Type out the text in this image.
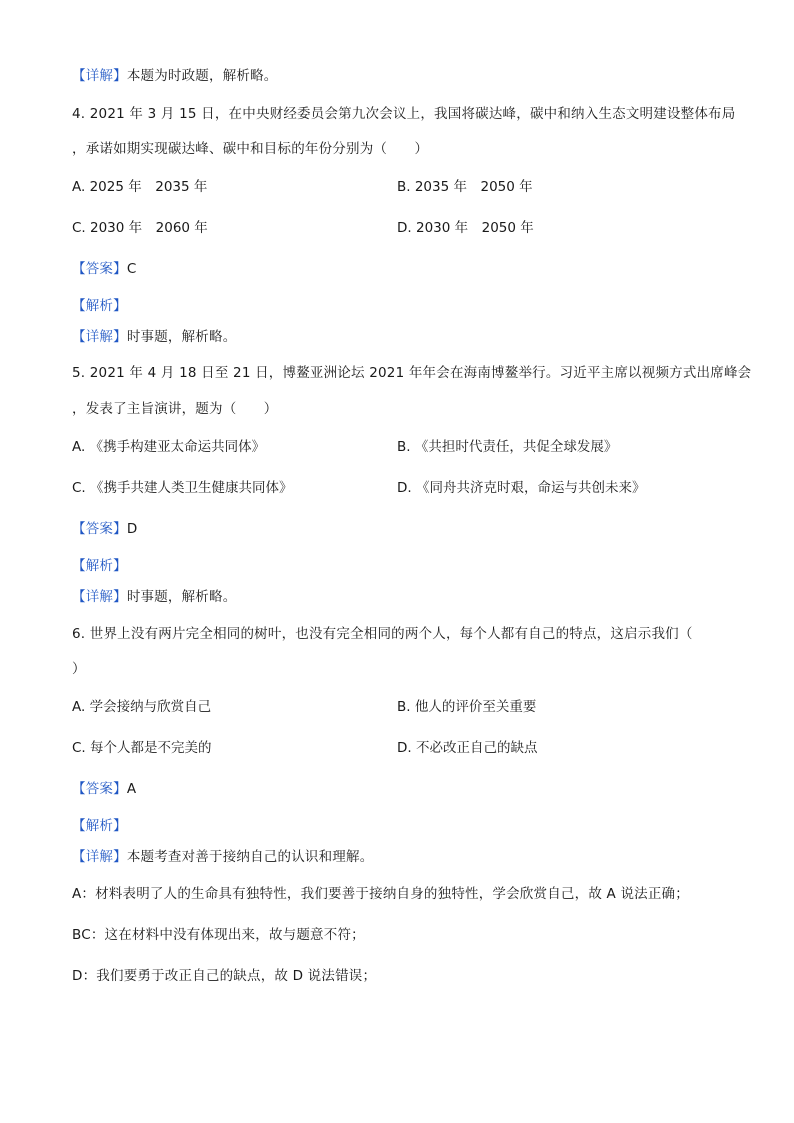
【详解】本题为时政题，解析略。
4. 2021 年 3 月 15 日，在中央财经委员会第九次会议上，我国将碳达峰，碳中和纳入生态文明建设整体布局
，承诺如期实现碳达峰、碳中和目标的年份分别为（　　）
A. 2025 年　2035 年	B. 2035 年　2050 年
C. 2030 年　2060 年	D. 2030 年　2050 年
【答案】C
【解析】
【详解】时事题，解析略。
5. 2021 年 4 月 18 日至 21 日，博鳌亚洲论坛 2021 年年会在海南博鳌举行。习近平主席以视频方式出席峰会
，发表了主旨演讲，题为（　　）
A. 《携手构建亚太命运共同体》	B. 《共担时代责任，共促全球发展》
C. 《携手共建人类卫生健康共同体》	D. 《同舟共济克时艰，命运与共创未来》
【答案】D
【解析】
【详解】时事题，解析略。
6. 世界上没有两片完全相同的树叶，也没有完全相同的两个人，每个人都有自己的特点，这启示我们（
）
A. 学会接纳与欣赏自己	B. 他人的评价至关重要
C. 每个人都是不完美的	D. 不必改正自己的缺点
【答案】A
【解析】
【详解】本题考查对善于接纳自己的认识和理解。
A：材料表明了人的生命具有独特性，我们要善于接纳自身的独特性，学会欣赏自己，故 A 说法正确；
BC：这在材料中没有体现出来，故与题意不符；
D：我们要勇于改正自己的缺点，故 D 说法错误；
